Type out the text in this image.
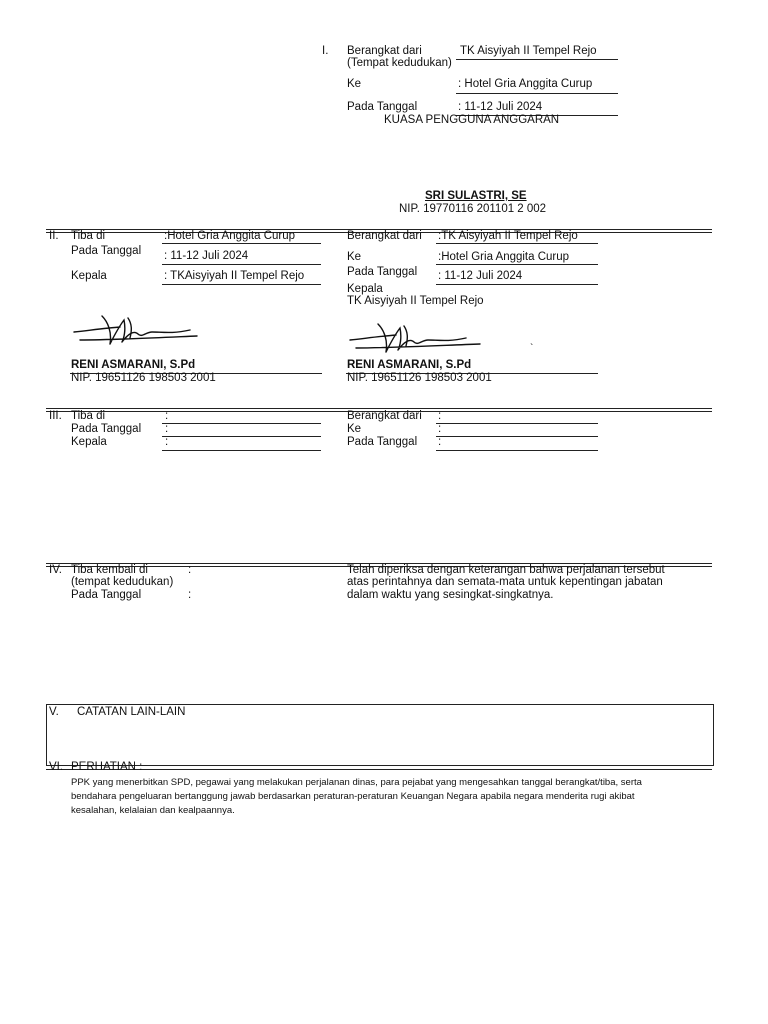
I. Berangkat dari	TK Aisyiyah II Tempel Rejo
(Tempat kedudukan)
Ke	: Hotel Gria Anggita Curup
Pada Tanggal	: 11-12 Juli 2024
KUASA PENGGUNA ANGGARAN
SRI SULASTRI, SE
NIP. 19770116 201101 2 002
II. Tiba di	:Hotel Gria Anggita Curup
Pada Tanggal : 11-12 Juli 2024
Kepala	: TKAisyiyah II Tempel Rejo
Berangkat dari :TK Aisyiyah II Tempel Rejo
Ke	:Hotel Gria Anggita Curup
Pada Tanggal : 11-12 Juli 2024
Kepala
TK Aisyiyah II Tempel Rejo
`
RENI ASMARANI, S.Pd
NIP. 19651126 198503 2001
RENI ASMARANI, S.Pd
NIP. 19651126 198503 2001
III. Tiba di	:
Pada Tanggal :
Kepala	:
Berangkat dari :
Ke	:
Pada Tanggal :
IV. Tiba kembali di	:
(tempat kedudukan)
Pada Tanggal	:
Telah diperiksa dengan keterangan bahwa perjalanan tersebut
atas perintahnya dan semata-mata untuk kepentingan jabatan
dalam waktu yang sesingkat-singkatnya.
V. CATATAN LAIN-LAIN
VI. PERHATIAN :
PPK yang menerbitkan SPD, pegawai yang melakukan perjalanan dinas, para pejabat yang mengesahkan tanggal berangkat/tiba, serta
bendahara pengeluaran bertanggung jawab berdasarkan peraturan-peraturan Keuangan Negara apabila negara menderita rugi akibat
kesalahan, kelalaian dan kealpaannya.
